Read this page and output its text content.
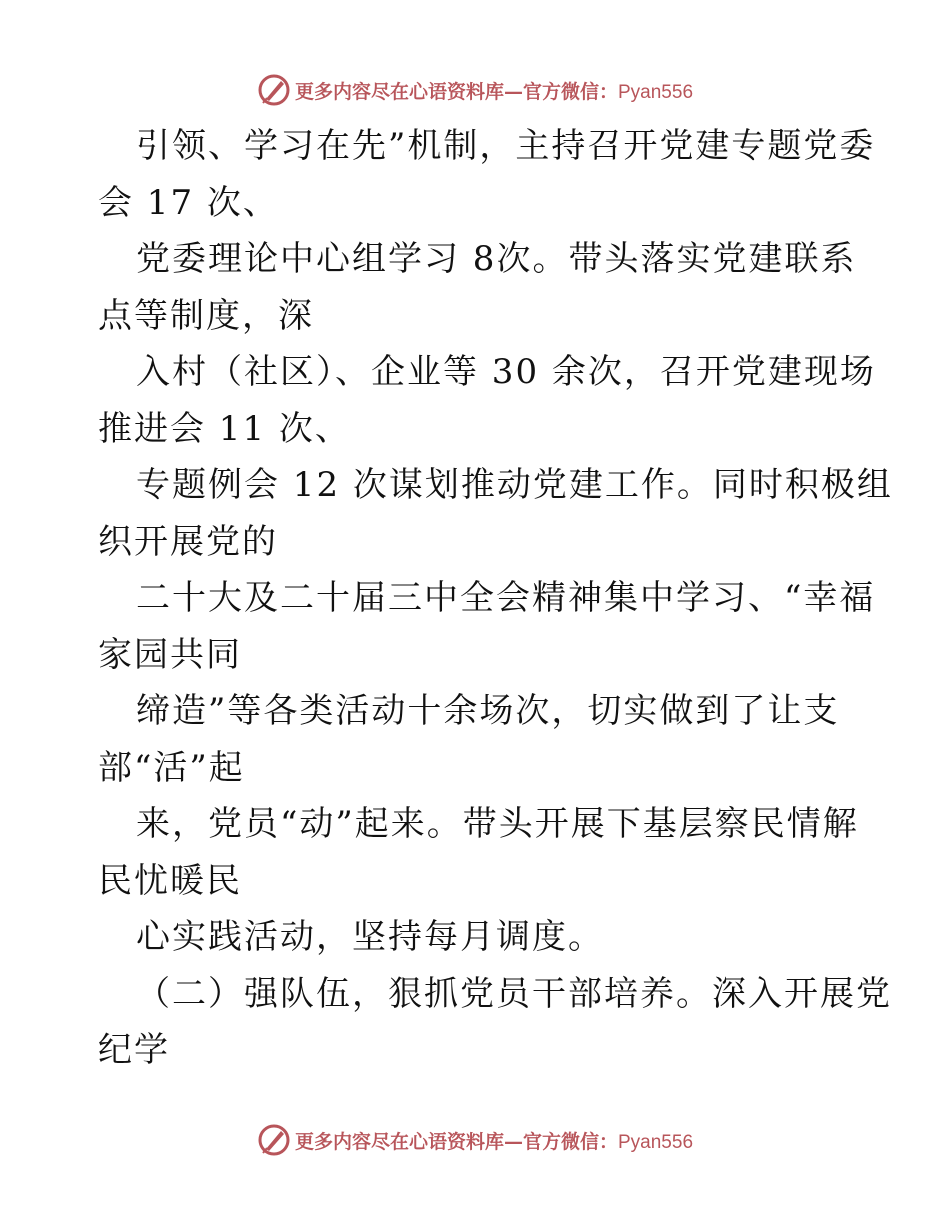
更多内容尽在心语资料库—官方微信：Pyan556
引领、学习在先”机制，主持召开党建专题党委
会 17 次、
党委理论中心组学习 8次。带头落实党建联系
点等制度，深
入村（社区）、企业等 30 余次，召开党建现场
推进会 11 次、
专题例会 12 次谋划推动党建工作。同时积极组
织开展党的
二十大及二十届三中全会精神集中学习、“幸福
家园共同
缔造”等各类活动十余场次，切实做到了让支
部“活”起
来，党员“动”起来。带头开展下基层察民情解
民忧暖民
心实践活动，坚持每月调度。
（二）强队伍，狠抓党员干部培养。深入开展党
纪学
更多内容尽在心语资料库—官方微信：Pyan556
